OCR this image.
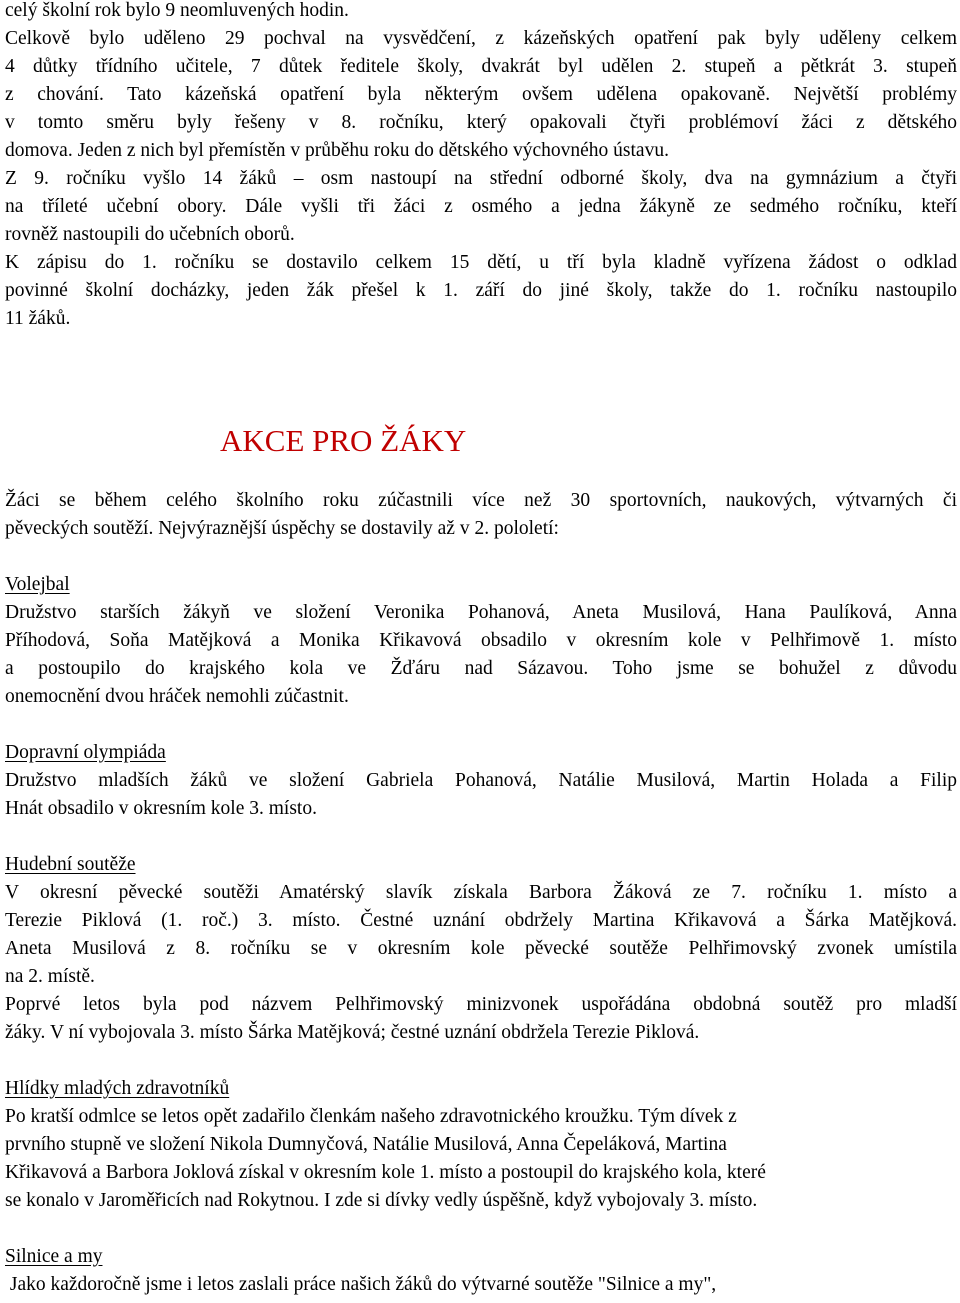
celý školní rok bylo 9 neomluvených hodin.
Celkově bylo uděleno 29 pochval na vysvědčení, z kázeňských opatření pak byly uděleny celkem
4 důtky třídního učitele, 7 důtek ředitele školy, dvakrát byl udělen 2. stupeň a pětkrát 3. stupeň
z chování. Tato kázeňská opatření byla některým ovšem udělena opakovaně. Největší problémy
v tomto směru byly řešeny v 8. ročníku, který opakovali čtyři problémoví žáci z dětského
domova. Jeden z nich byl přemístěn v průběhu roku do dětského výchovného ústavu.
Z 9. ročníku vyšlo 14 žáků – osm nastoupí na střední odborné školy, dva na gymnázium a čtyři
na tříleté učební obory. Dále vyšli tři žáci z osmého a jedna žákyně ze sedmého ročníku, kteří
rovněž nastoupili do učebních oborů.
K zápisu do 1. ročníku se dostavilo celkem 15 dětí, u tří byla kladně vyřízena žádost o odklad
povinné školní docházky, jeden žák přešel k 1. září do jiné školy, takže do 1. ročníku nastoupilo
11 žáků.
AKCE PRO ŽÁKY
Žáci se během celého školního roku zúčastnili více než 30 sportovních, naukových, výtvarných či
pěveckých soutěží. Nejvýraznější úspěchy se dostavily až v 2. pololetí:
Volejbal
Družstvo starších žákyň ve složení Veronika Pohanová, Aneta Musilová, Hana Paulíková, Anna
Příhodová, Soňa Matějková a Monika Křikavová obsadilo v okresním kole v Pelhřimově 1. místo
a postoupilo do krajského kola ve Žďáru nad Sázavou. Toho jsme se bohužel z důvodu
onemocnění dvou hráček nemohli zúčastnit.
Dopravní olympiáda
Družstvo mladších žáků ve složení Gabriela Pohanová, Natálie Musilová, Martin Holada a Filip
Hnát obsadilo v okresním kole 3. místo.
Hudební soutěže
V okresní pěvecké soutěži Amatérský slavík získala Barbora Žáková ze 7. ročníku 1. místo a
Terezie Piklová (1. roč.) 3. místo. Čestné uznání obdržely Martina Křikavová a Šárka Matějková.
Aneta Musilová z 8. ročníku se v okresním kole pěvecké soutěže Pelhřimovský zvonek umístila
na 2. místě.
Poprvé letos byla pod názvem Pelhřimovský minizvonek uspořádána obdobná soutěž pro mladší
žáky. V ní vybojovala 3. místo Šárka Matějková; čestné uznání obdržela Terezie Piklová.
Hlídky mladých zdravotníků
Po kratší odmlce se letos opět zadařilo členkám našeho zdravotnického kroužku. Tým dívek z
prvního stupně ve složení Nikola Dumnyčová, Natálie Musilová, Anna Čepeláková, Martina
Křikavová a Barbora Joklová získal v okresním kole 1. místo a postoupil do krajského kola, které
se konalo v Jaroměřicích nad Rokytnou. I zde si dívky vedly úspěšně, když vybojovaly 3. místo.
Silnice a my
Jako každoročně jsme i letos zaslali práce našich žáků do výtvarné soutěže "Silnice a my",
